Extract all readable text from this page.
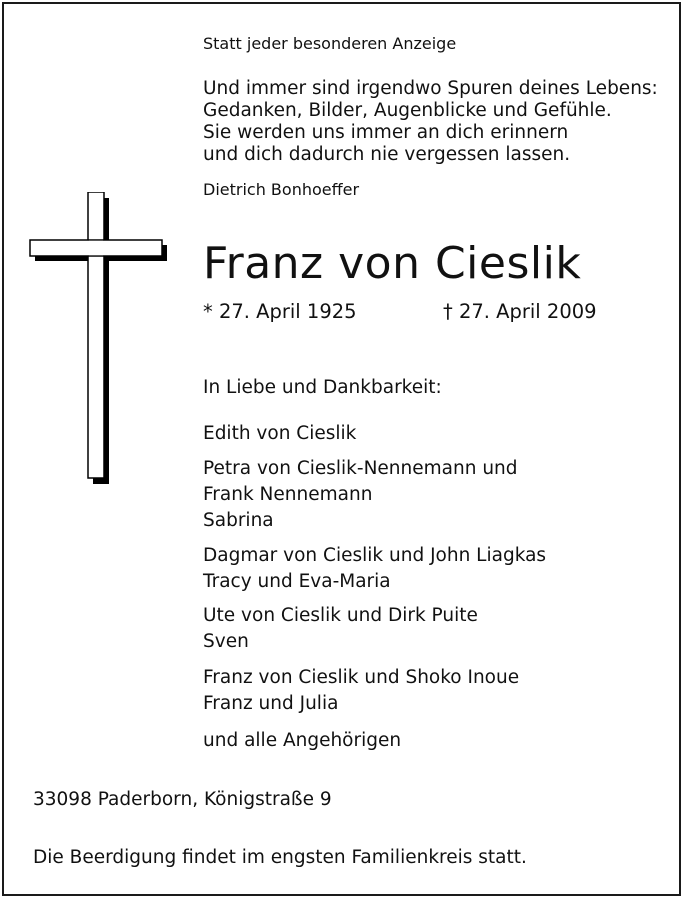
Statt jeder besonderen Anzeige
Und immer sind irgendwo Spuren deines Lebens:
Gedanken, Bilder, Augenblicke und Gefühle.
Sie werden uns immer an dich erinnern
und dich dadurch nie vergessen lassen.
Dietrich Bonhoeffer
Franz von Cieslik
* 27. April 1925	† 27. April 2009
In Liebe und Dankbarkeit:
Edith von Cieslik
Petra von Cieslik-Nennemann und
Frank Nennemann
Sabrina
Dagmar von Cieslik und John Liagkas
Tracy und Eva-Maria
Ute von Cieslik und Dirk Puite
Sven
Franz von Cieslik und Shoko Inoue
Franz und Julia
und alle Angehörigen
33098 Paderborn, Königstraße 9
Die Beerdigung findet im engsten Familienkreis statt.
